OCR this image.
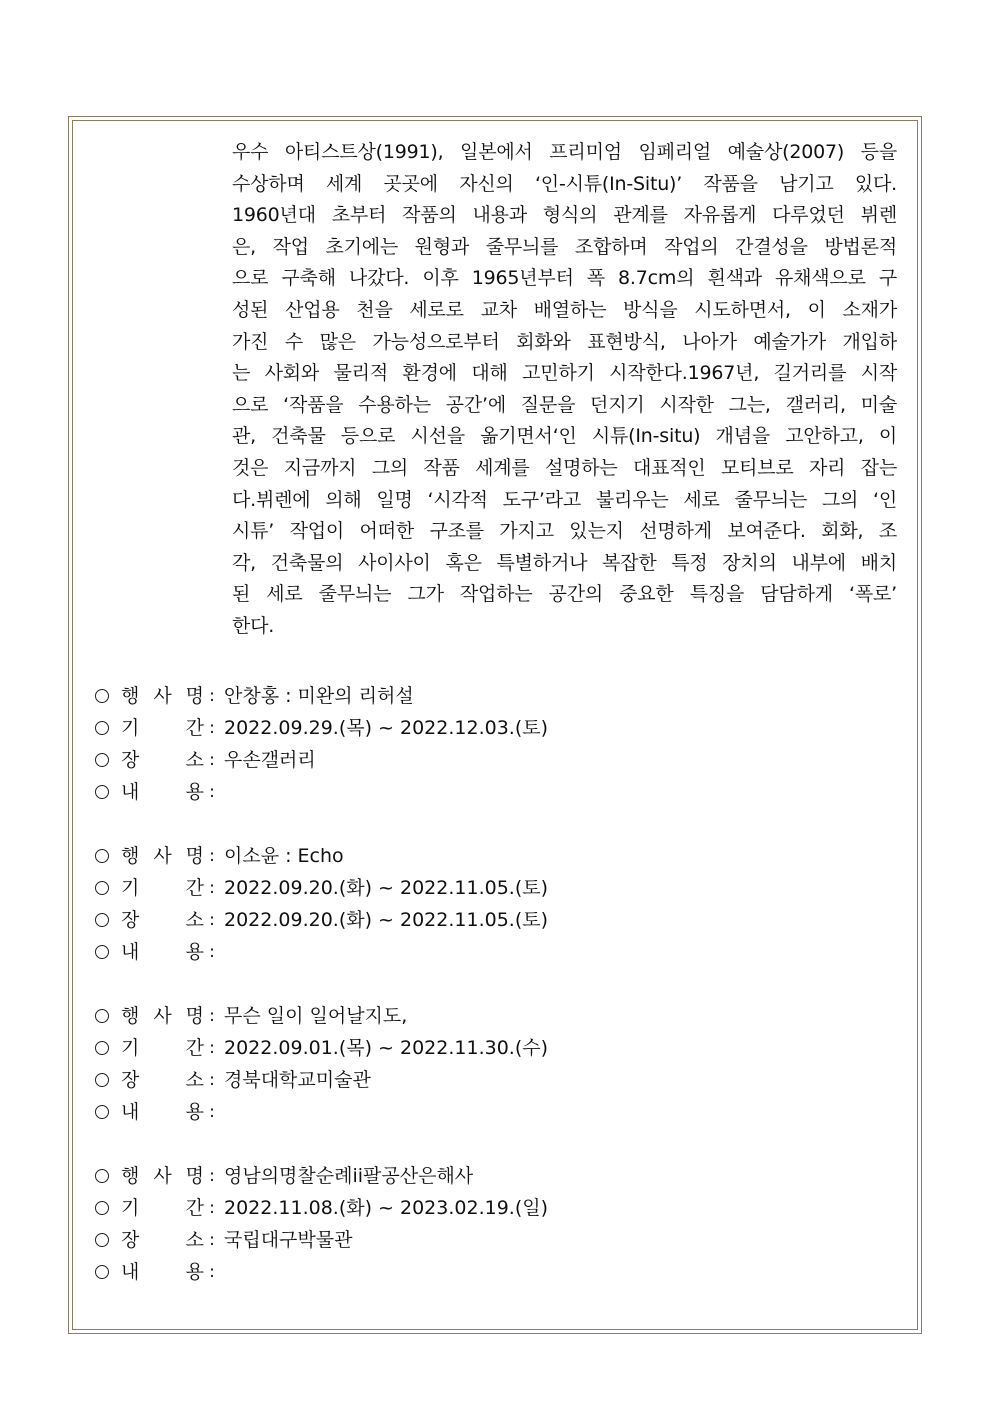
우수 아티스트상(1991), 일본에서 프리미엄 임페리얼 예술상(2007) 등을
수상하며 세계 곳곳에 자신의 ‘인-시튜(In-Situ)’ 작품을 남기고 있다.
1960년대 초부터 작품의 내용과 형식의 관계를 자유롭게 다루었던 뷔렌
은, 작업 초기에는 원형과 줄무늬를 조합하며 작업의 간결성을 방법론적
으로 구축해 나갔다. 이후 1965년부터 폭 8.7cm의 흰색과 유채색으로 구
성된 산업용 천을 세로로 교차 배열하는 방식을 시도하면서, 이 소재가
가진 수 많은 가능성으로부터 회화와 표현방식, 나아가 예술가가 개입하
는 사회와 물리적 환경에 대해 고민하기 시작한다.1967년, 길거리를 시작
으로 ‘작품을 수용하는 공간’에 질문을 던지기 시작한 그는, 갤러리, 미술
관, 건축물 등으로 시선을 옮기면서‘인 시튜(In-situ) 개념을 고안하고, 이
것은 지금까지 그의 작품 세계를 설명하는 대표적인 모티브로 자리 잡는
다.뷔렌에 의해 일명 ‘시각적 도구’라고 불리우는 세로 줄무늬는 그의 ‘인
시튜’ 작업이 어떠한 구조를 가지고 있는지 선명하게 보여준다. 회화, 조
각, 건축물의 사이사이 혹은 특별하거나 복잡한 특정 장치의 내부에 배치
된 세로 줄무늬는 그가 작업하는 공간의 중요한 특징을 담담하게 ‘폭로’
한다.
행 사 명 : 안창홍 : 미완의 리허설
기 간 : 2022.09.29.(목) ~ 2022.12.03.(토)
장 소 : 우손갤러리
내 용 :
행 사 명 : 이소윤 : Echo
기 간 : 2022.09.20.(화) ~ 2022.11.05.(토)
장 소 : 2022.09.20.(화) ~ 2022.11.05.(토)
내 용 :
행 사 명 : 무슨 일이 일어날지도,
기 간 : 2022.09.01.(목) ~ 2022.11.30.(수)
장 소 : 경북대학교미술관
내 용 :
행 사 명 : 영남의명찰순례ii팔공산은해사
기 간 : 2022.11.08.(화) ~ 2023.02.19.(일)
장 소 : 국립대구박물관
내 용 :
